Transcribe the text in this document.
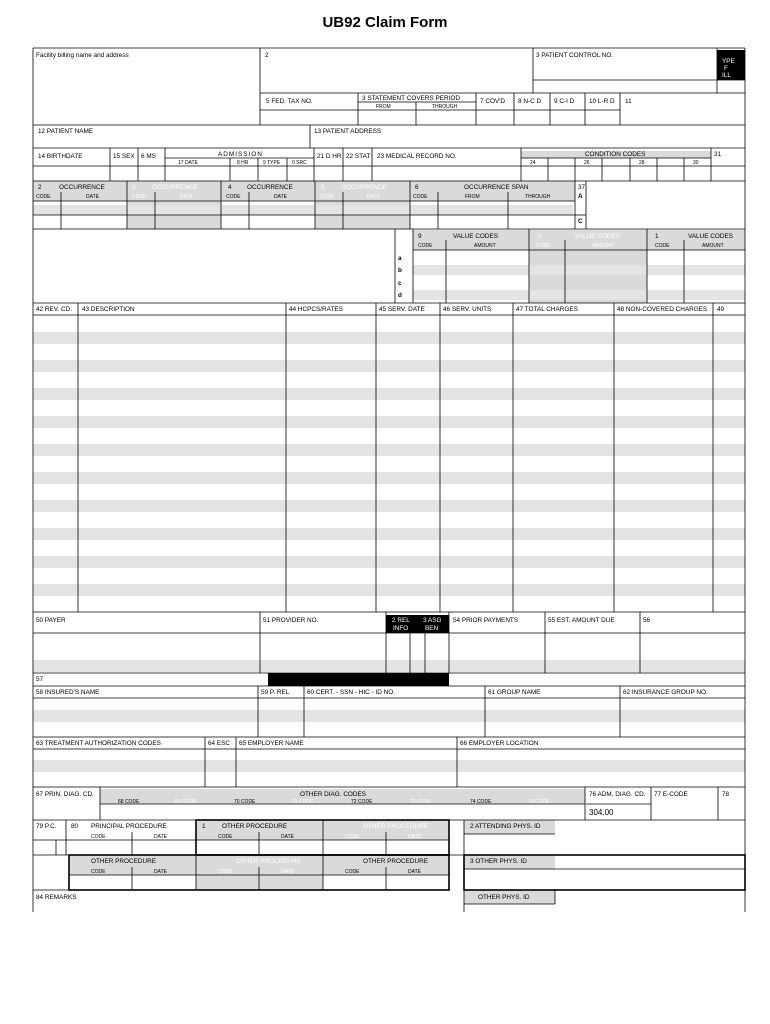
UB92 Claim Form
Facility billing name and address	2	3 PATIENT CONTROL NO.
YPE
F
ILL
5 FED. TAX NO.	3 STATEMENT COVERS PERIOD
FROM	THROUGH
7 COV'D 8 N-C D 9 C-I D 10 L-R D 11
12 PATIENT NAME	13 PATIENT ADDRESS
14 BIRTHDATE	15 SEX 6 MS	ADMISSION
17 DATE	8 HR	9 TYPE 0 SRC
21 D HR 22 STAT 23 MEDICAL RECORD NO.	CONDITION CODES
24	25	26	27	28	29	30
31
2	OCCURRENCE
CODE	DATE
3	OCCURRENCE
CODE	DATE
4 OCCURRENCE
CODE	DATE
5	OCCURRENCE
CODE	DATE
6	OCCURRENCE SPAN
CODE	FROM	THROUGH
37
A
C
9	VALUE CODES
CODE	AMOUNT
0	VALUE CODES
CODE	AMOUNT
1	VALUE CODES
CODE	AMOUNT
a
b
c
d
42 REV. CD. 43 DESCRIPTION	44 HCPCS/RATES	45 SERV. DATE	46 SERV. UNITS	47 TOTAL CHARGES	48 NON-COVERED CHARGES 49
50 PAYER	51 PROVIDER NO.	2 REL
INFO
3 ASG
BEN
54 PRIOR PAYMENTS	55 EST. AMOUNT DUE	56
57
58 INSURED'S NAME	59 P. REL	60 CERT. - SSN - HIC - ID NO.	61 GROUP NAME	62 INSURANCE GROUP NO.
63 TREATMENT AUTHORIZATION CODES	64 ESC 65 EMPLOYER NAME	66 EMPLOYER LOCATION
67 PRIN. DIAG. CD.	OTHER DIAG. CODES
68 CODE	69 CODE	70 CODE	71 CODE	72 CODE	73 CODE	74 CODE	75 CODE
76 ADM. DIAG. CD.
304.00
77 E-CODE	78
79 P.C. 80 PRINCIPAL PROCEDURE
CODE	DATE
1	OTHER PROCEDURE
CODE	DATE
OTHER PROCEDURE
CODE	DATE
OTHER PROCEDURE
CODE	DATE
OTHER PROCEDURE
CODE	DATE
OTHER PROCEDURE
CODE	DATE
2 ATTENDING PHYS. ID
3 OTHER PHYS. ID
84 REMARKS	OTHER PHYS. ID
